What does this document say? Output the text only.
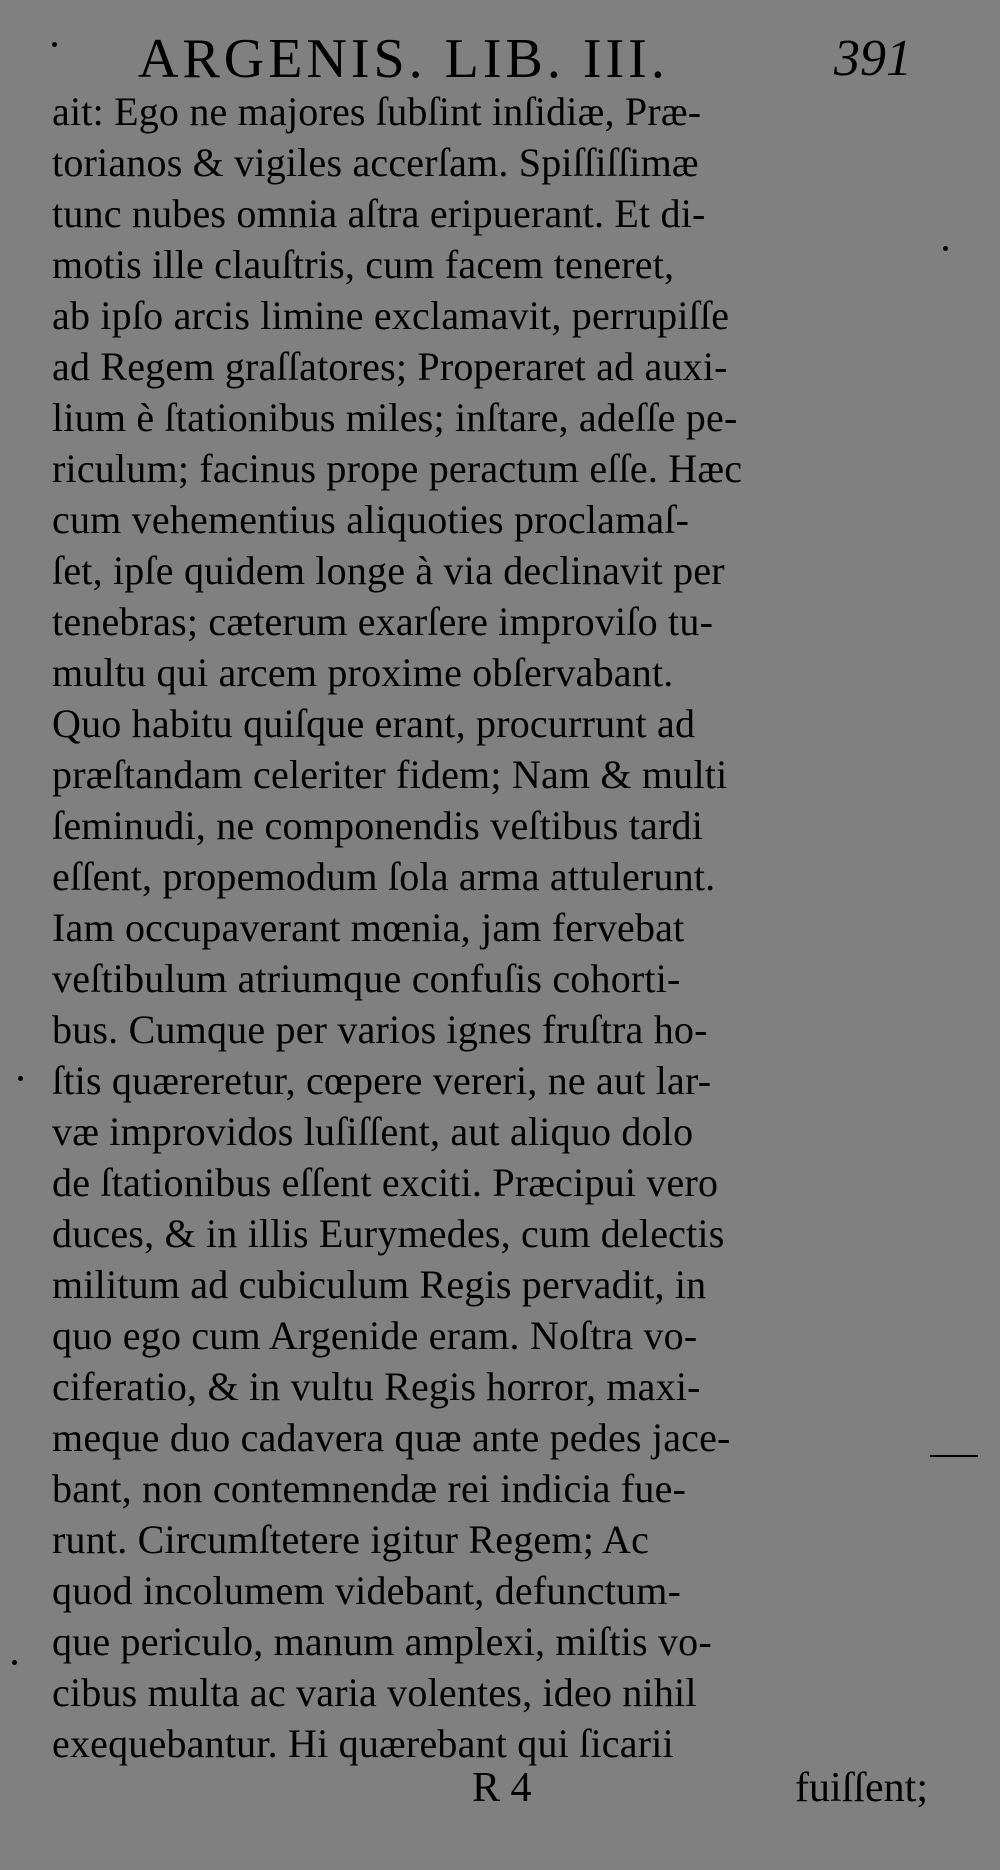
ARGENIS. LIB. III.	391
ait: Ego ne majores ſubſint inſidiæ, Præ-
torianos & vigiles accerſam. Spiſſiſſimæ
tunc nubes omnia aſtra eripuerant. Et di-
motis ille clauſtris, cum facem teneret,
ab ipſo arcis limine exclamavit, perrupiſſe
ad Regem graſſatores; Properaret ad auxi-
lium è ſtationibus miles; inſtare, adeſſe pe-
riculum; facinus prope peractum eſſe. Hæc
cum vehementius aliquoties proclamaſ-
ſet, ipſe quidem longe à via declinavit per
tenebras; cæterum exarſere improviſo tu-
multu qui arcem proxime obſervabant.
Quo habitu quiſque erant, procurrunt ad
præſtandam celeriter fidem; Nam & multi
ſeminudi, ne componendis veſtibus tardi
eſſent, propemodum ſola arma attulerunt.
Iam occupaverant mœnia, jam fervebat
veſtibulum atriumque confuſis cohorti-
bus. Cumque per varios ignes fruſtra ho-
ſtis quæreretur, cœpere vereri, ne aut lar-
væ improvidos luſiſſent, aut aliquo dolo
de ſtationibus eſſent exciti. Præcipui vero
duces, & in illis Eurymedes, cum delectis
militum ad cubiculum Regis pervadit, in
quo ego cum Argenide eram. Noſtra vo-
ciferatio, & in vultu Regis horror, maxi-
meque duo cadavera quæ ante pedes jace-
bant, non contemnendæ rei indicia fue-
runt. Circumſtetere igitur Regem; Ac
quod incolumem videbant, defunctum-
que periculo, manum amplexi, miſtis vo-
cibus multa ac varia volentes, ideo nihil
exequebantur. Hi quærebant qui ſicarii
R 4	fuiſſent;
